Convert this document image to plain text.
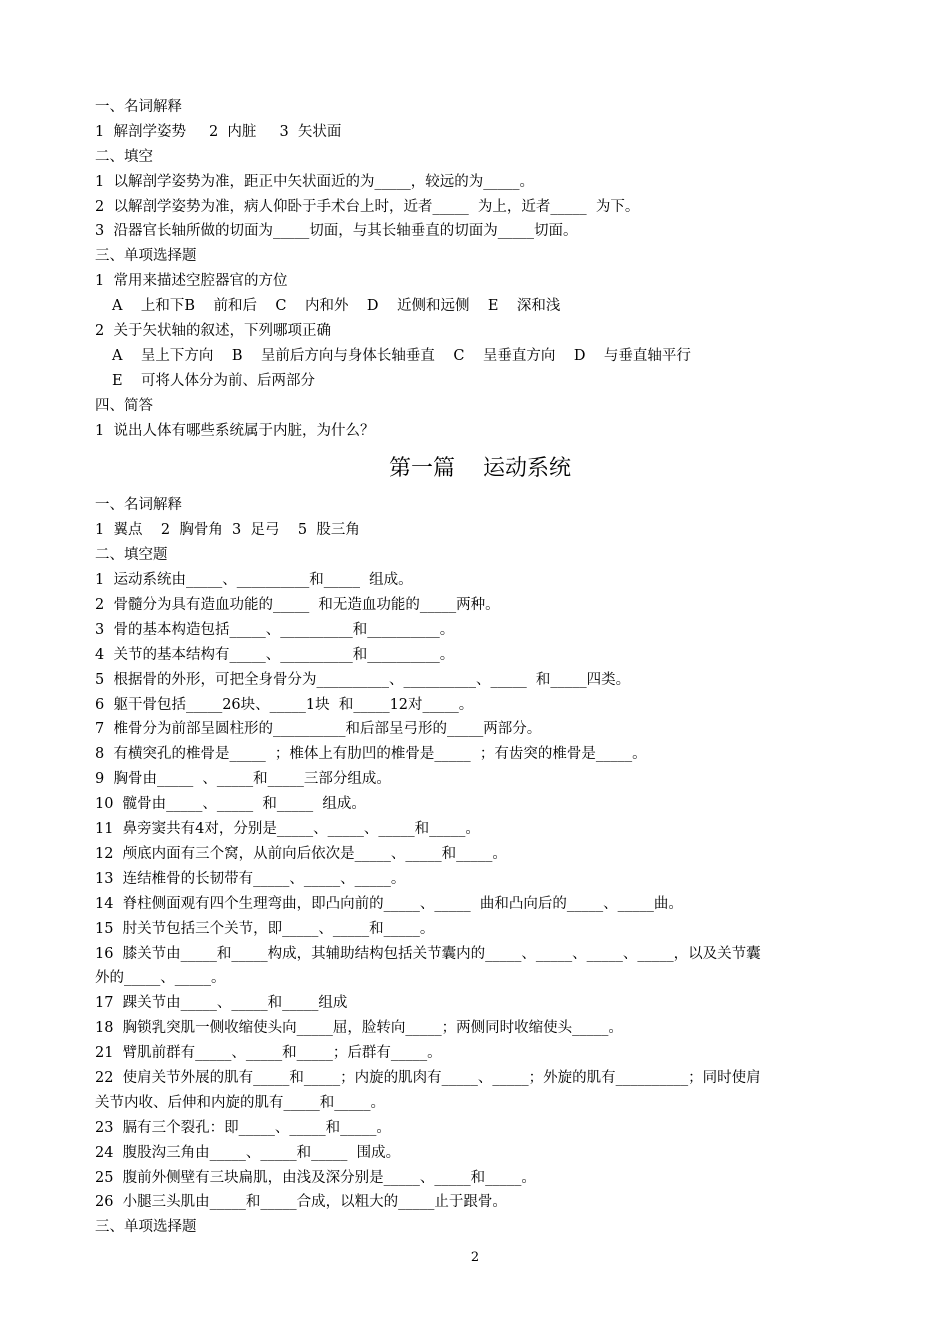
一、名词解释
1  解剖学姿势     2  内脏     3  矢状面
二、填空
1  以解剖学姿势为准，距正中矢状面近的为_____，较远的为_____。
2  以解剖学姿势为准，病人仰卧于手术台上时，近者_____  为上，近者_____  为下。
3  沿器官长轴所做的切面为_____切面，与其长轴垂直的切面为_____切面。
三、单项选择题
1  常用来描述空腔器官的方位
A    上和下B    前和后    C    内和外    D    近侧和远侧    E    深和浅
2  关于矢状轴的叙述，下列哪项正确
A    呈上下方向    B    呈前后方向与身体长轴垂直    C    呈垂直方向    D    与垂直轴平行
E    可将人体分为前、后两部分
四、简答
1  说出人体有哪些系统属于内脏，为什么？
第一篇    运动系统
一、名词解释
1  翼点    2  胸骨角  3  足弓    5  股三角
二、填空题
1  运动系统由_____、__________和_____  组成。
2  骨髓分为具有造血功能的_____  和无造血功能的_____两种。
3  骨的基本构造包括_____、__________和__________。
4  关节的基本结构有_____、__________和__________。
5  根据骨的外形，可把全身骨分为__________、__________、_____  和_____四类。
6  躯干骨包括_____26块、_____1块  和_____12对_____。
7  椎骨分为前部呈圆柱形的__________和后部呈弓形的_____两部分。
8  有横突孔的椎骨是_____  ；椎体上有肋凹的椎骨是_____  ；有齿突的椎骨是_____。
9  胸骨由_____  、_____和_____三部分组成。
10  髋骨由_____、_____  和_____  组成。
11  鼻旁窦共有4对，分别是_____、_____、_____和_____。
12  颅底内面有三个窝，从前向后依次是_____、_____和_____。
13  连结椎骨的长韧带有_____、_____、_____。
14  脊柱侧面观有四个生理弯曲，即凸向前的_____、_____  曲和凸向后的_____、_____曲。
15  肘关节包括三个关节，即_____、_____和_____。
16  膝关节由_____和_____构成，其辅助结构包括关节囊内的_____、_____、_____、_____，以及关节囊
外的_____、_____。
17  踝关节由_____、_____和_____组成
18  胸锁乳突肌一侧收缩使头向_____屈，脸转向_____；两侧同时收缩使头_____。
21  臂肌前群有_____、_____和_____；后群有_____。
22  使肩关节外展的肌有_____和_____；内旋的肌肉有_____、_____；外旋的肌有__________；同时使肩
关节内收、后伸和内旋的肌有_____和_____。
23  膈有三个裂孔：即_____、_____和_____。
24  腹股沟三角由_____、_____和_____  围成。
25  腹前外侧壁有三块扁肌，由浅及深分别是_____、_____和_____。
26  小腿三头肌由_____和_____合成，以粗大的_____止于跟骨。
三、单项选择题
2
